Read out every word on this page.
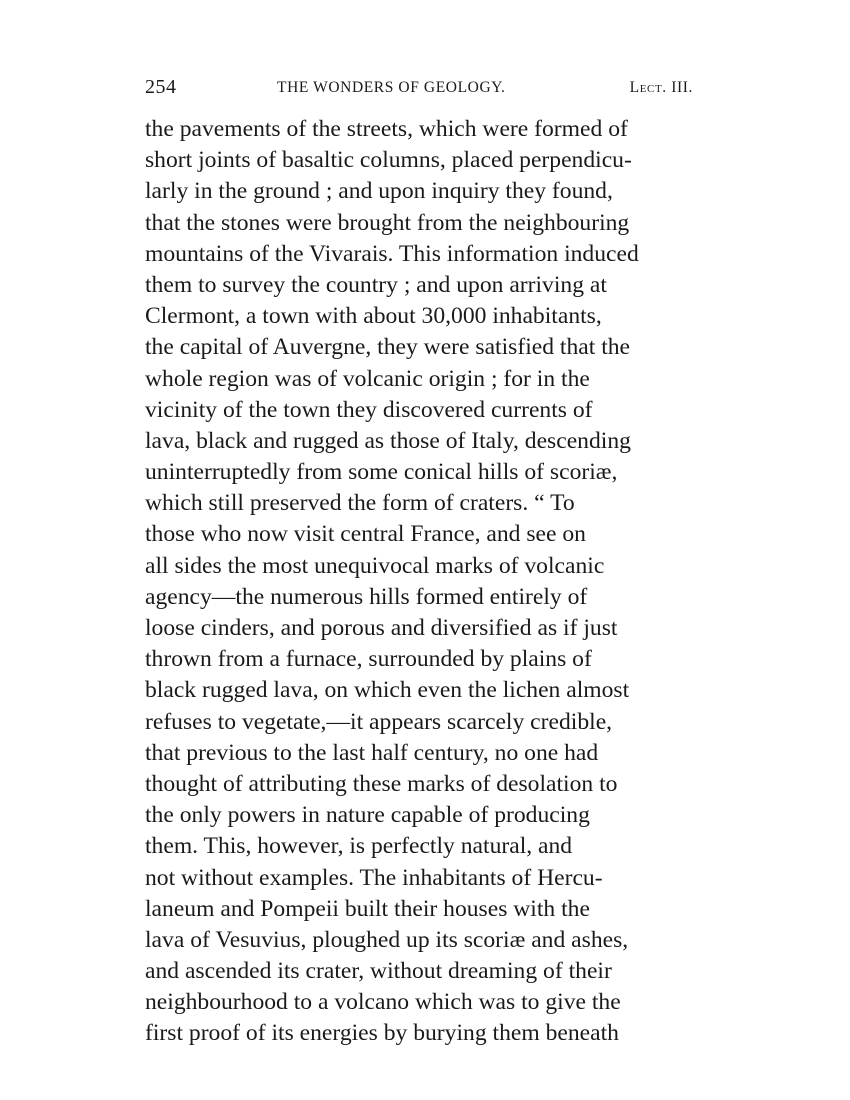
254	THE WONDERS OF GEOLOGY.	Lect. III.
the pavements of the streets, which were formed of
short joints of basaltic columns, placed perpendicu-
larly in the ground ; and upon inquiry they found,
that the stones were brought from the neighbouring
mountains of the Vivarais. This information induced
them to survey the country ; and upon arriving at
Clermont, a town with about 30,000 inhabitants,
the capital of Auvergne, they were satisfied that the
whole region was of volcanic origin ; for in the
vicinity of the town they discovered currents of
lava, black and rugged as those of Italy, descending
uninterruptedly from some conical hills of scoriæ,
which still preserved the form of craters. “ To
those who now visit central France, and see on
all sides the most unequivocal marks of volcanic
agency—the numerous hills formed entirely of
loose cinders, and porous and diversified as if just
thrown from a furnace, surrounded by plains of
black rugged lava, on which even the lichen almost
refuses to vegetate,—it appears scarcely credible,
that previous to the last half century, no one had
thought of attributing these marks of desolation to
the only powers in nature capable of producing
them. This, however, is perfectly natural, and
not without examples. The inhabitants of Hercu-
laneum and Pompeii built their houses with the
lava of Vesuvius, ploughed up its scoriæ and ashes,
and ascended its crater, without dreaming of their
neighbourhood to a volcano which was to give the
first proof of its energies by burying them beneath
